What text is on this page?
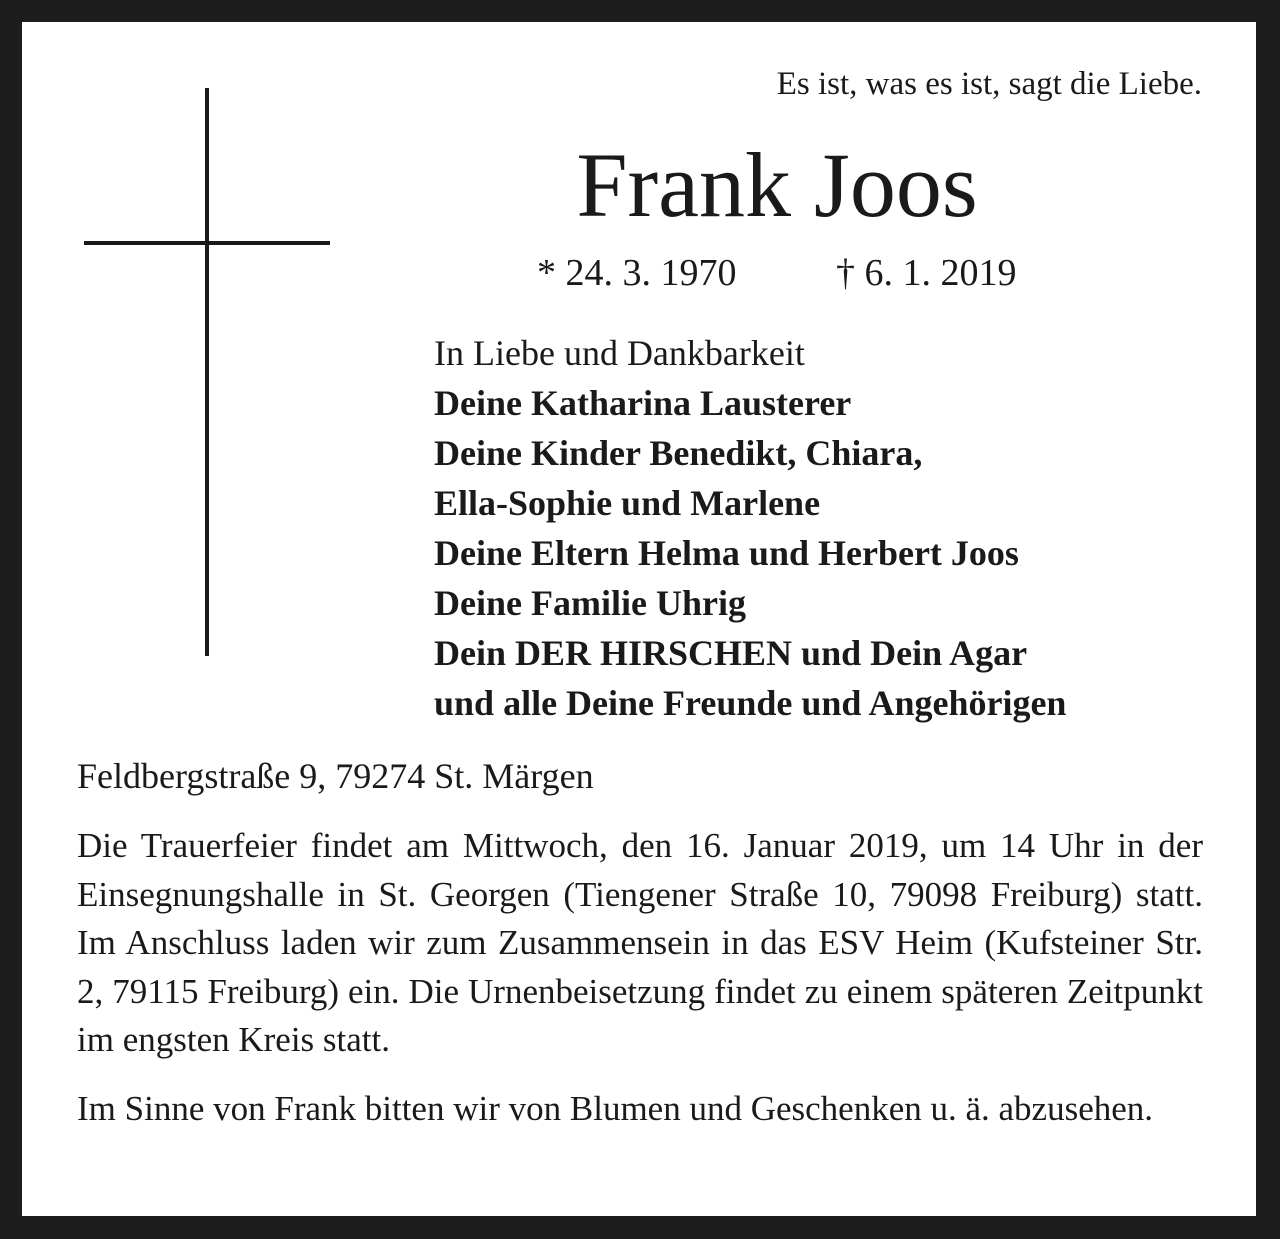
Es ist, was es ist, sagt die Liebe.
Frank Joos
* 24. 3. 1970	† 6. 1. 2019
In Liebe und Dankbarkeit
Deine Katharina Lausterer
Deine Kinder Benedikt, Chiara,
Ella-Sophie und Marlene
Deine Eltern Helma und Herbert Joos
Deine Familie Uhrig
Dein DER HIRSCHEN und Dein Agar
und alle Deine Freunde und Angehörigen
Feldbergstraße 9, 79274 St. Märgen
Die Trauerfeier findet am Mittwoch, den 16. Januar 2019, um 14 Uhr in der Einsegnungshalle in St. Georgen (Tiengener Straße 10, 79098 Freiburg) statt. Im Anschluss laden wir zum Zusammensein in das ESV Heim (Kufsteiner Str. 2, 79115 Freiburg) ein. Die Urnenbeisetzung findet zu einem späteren Zeitpunkt im engsten Kreis statt.
Im Sinne von Frank bitten wir von Blumen und Geschenken u. ä. abzusehen.
